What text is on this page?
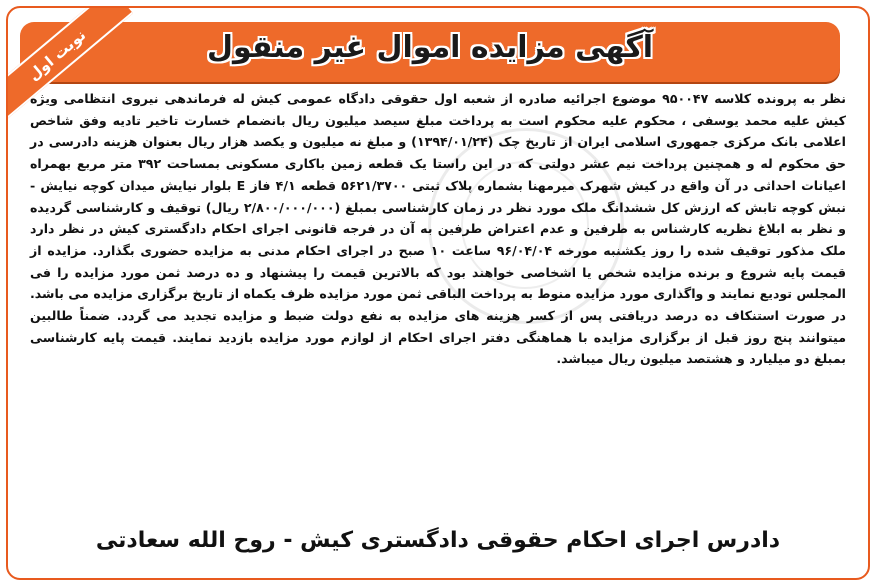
آگهی مزایده اموال غیر منقول
نوبت اول
نظر به پرونده کلاسه ۹۵۰۰۴۷ موضوع اجرائیه صادره از شعبه اول حقوقی دادگاه عمومی کیش له فرماندهی نیروی انتظامی ویژه کیش علیه محمد یوسفی ، محکوم علیه محکوم است به پرداخت مبلغ سیصد میلیون ریال بانضمام خسارت تاخیر تادیه وفق شاخص اعلامی بانک مرکزی جمهوری اسلامی ایران از تاریخ چک (۱۳۹۴/۰۱/۲۴) و مبلغ نه میلیون و یکصد هزار ریال بعنوان هزینه دادرسی در حق محکوم له و همچنین پرداخت نیم عشر دولتی که در این راستا یک قطعه زمین باکاری مسکونی بمساحت ۳۹۲ متر مربع بهمراه اعیانات احداثی در آن واقع در کیش شهرک میرمهنا بشماره پلاک ثبتی ۵۶۲۱/۳۷۰۰ قطعه ۴/۱ فاز E بلوار نیایش میدان کوچه نیایش - نبش کوچه تابش که ارزش کل ششدانگ ملک مورد نظر در زمان کارشناسی بمبلغ (۲/۸۰۰/۰۰۰/۰۰۰ ریال) توقیف و کارشناسی گردیده و نظر به ابلاغ نظریه کارشناس به طرفین و عدم اعتراض طرفین به آن در فرجه قانونی اجرای احکام دادگستری کیش در نظر دارد ملک مذکور توقیف شده را روز یکشنبه مورخه ۹۶/۰۴/۰۴ ساعت ۱۰ صبح در اجرای احکام مدنی به مزایده حضوری بگذارد. مزایده از قیمت پایه شروع و برنده مزایده شخص یا اشخاصی خواهند بود که بالاترین قیمت را پیشنهاد و ده درصد ثمن مورد مزایده را فی المجلس تودیع نمایند و واگذاری مورد مزایده منوط به پرداخت الباقی ثمن مورد مزایده ظرف یکماه از تاریخ برگزاری مزایده می باشد. در صورت استنکاف ده درصد دریافتی پس از کسر هزینه های مزایده به نفع دولت ضبط و مزایده تجدید می گردد. ضمناً طالبین میتوانند پنج روز قبل از برگزاری مزایده با هماهنگی دفتر اجرای احکام از لوازم مورد مزایده بازدید نمایند. قیمت پایه کارشناسی بمبلغ دو میلیارد و هشتصد میلیون ریال میباشد.
دادرس اجرای احکام حقوقی دادگستری کیش - روح الله سعادتی
